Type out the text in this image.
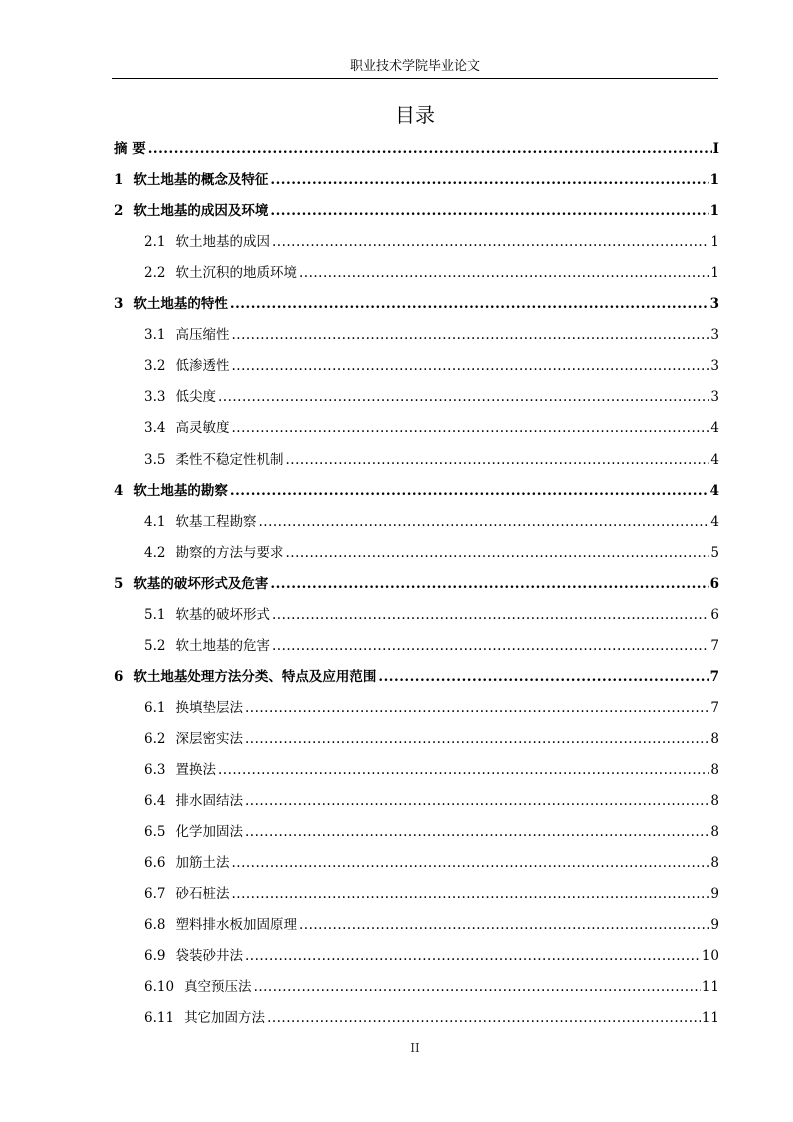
职业技术学院毕业论文
目录
摘 要 .....	I
1 软土地基的概念及特征 .....	1
2 软土地基的成因及环境 .....	1
2.1 软土地基的成因 .....	1
2.2 软土沉积的地质环境 .....	1
3 软土地基的特性 .....	3
3.1 高压缩性 .....	3
3.2 低渗透性 .....	3
3.3 低尖度 .....	3
3.4 高灵敏度 .....	4
3.5 柔性不稳定性机制 .....	4
4 软土地基的勘察 .....	4
4.1 软基工程勘察 .....	4
4.2 勘察的方法与要求 .....	5
5 软基的破坏形式及危害 .....	6
5.1 软基的破坏形式 .....	6
5.2 软土地基的危害 .....	7
6 软土地基处理方法分类、特点及应用范围 .....	7
6.1 换填垫层法 .....	7
6.2 深层密实法 .....	8
6.3 置换法 .....	8
6.4 排水固结法 .....	8
6.5 化学加固法 .....	8
6.6 加筋土法 .....	8
6.7 砂石桩法 .....	9
6.8 塑料排水板加固原理 .....	9
6.9 袋装砂井法 .....	10
6.10 真空预压法 .....	11
6.11 其它加固方法 .....	11
II
